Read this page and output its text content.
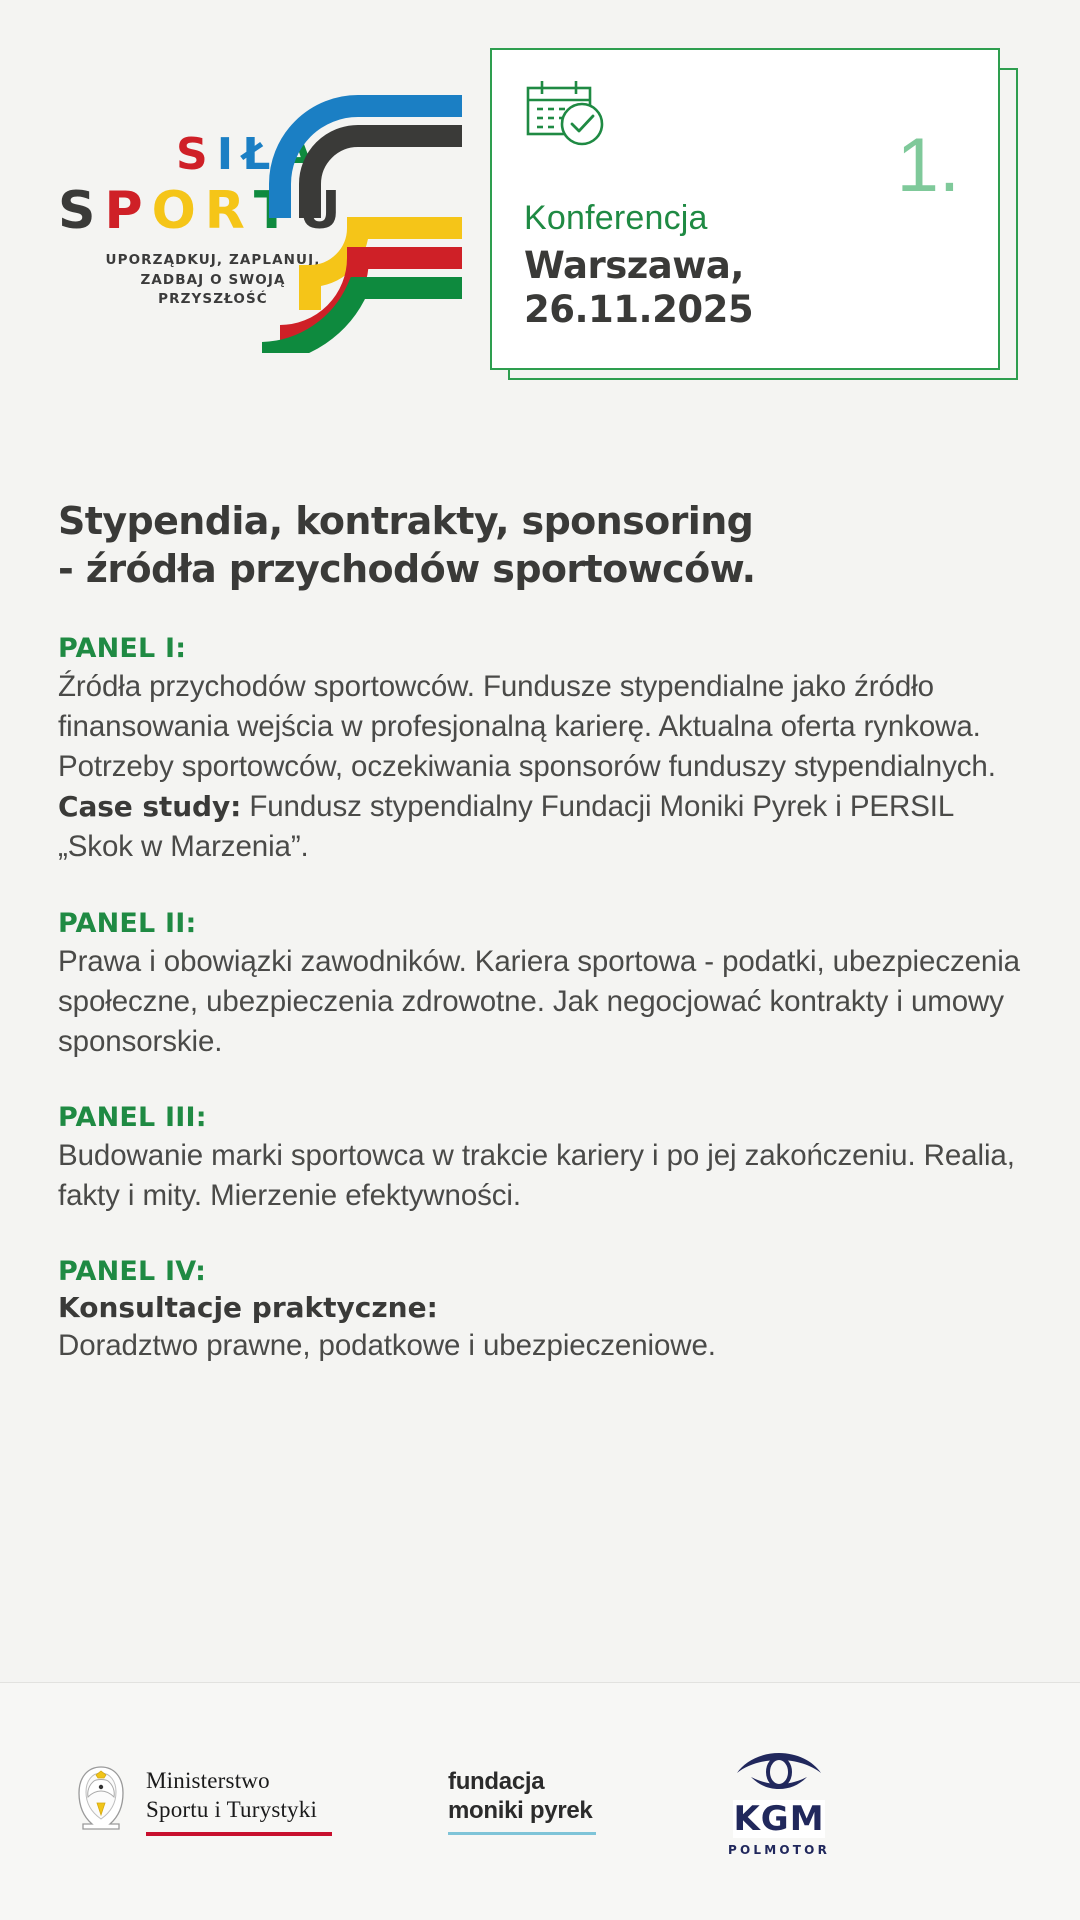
S I Ł A
S P O R T U
UPORZĄDKUJ, ZAPLANUJ,
ZADBAJ O SWOJĄ PRZYSZŁOŚĆ
1.
Konferencja
Warszawa,
26.11.2025
Stypendia, kontrakty, sponsoring
- źródła przychodów sportowców.
PANEL I:
Źródła przychodów sportowców. Fundusze stypendialne jako źródło finansowania wejścia w profesjonalną karierę. Aktualna oferta rynkowa. Potrzeby sportowców, oczekiwania sponsorów funduszy stypendialnych.
Case study: Fundusz stypendialny Fundacji Moniki Pyrek i PERSIL „Skok w Marzenia”.
PANEL II:
Prawa i obowiązki zawodników. Kariera sportowa - podatki, ubezpieczenia społeczne, ubezpieczenia zdrowotne. Jak negocjować kontrakty i umowy sponsorskie.
PANEL III:
Budowanie marki sportowca w trakcie kariery i po jej zakończeniu. Realia, fakty i mity. Mierzenie efektywności.
PANEL IV:
Konsultacje praktyczne:
Doradztwo prawne, podatkowe i ubezpieczeniowe.
Ministerstwo
Sportu i Turystyki
fundacja
moniki pyrek	KGM
POLMOTOR
